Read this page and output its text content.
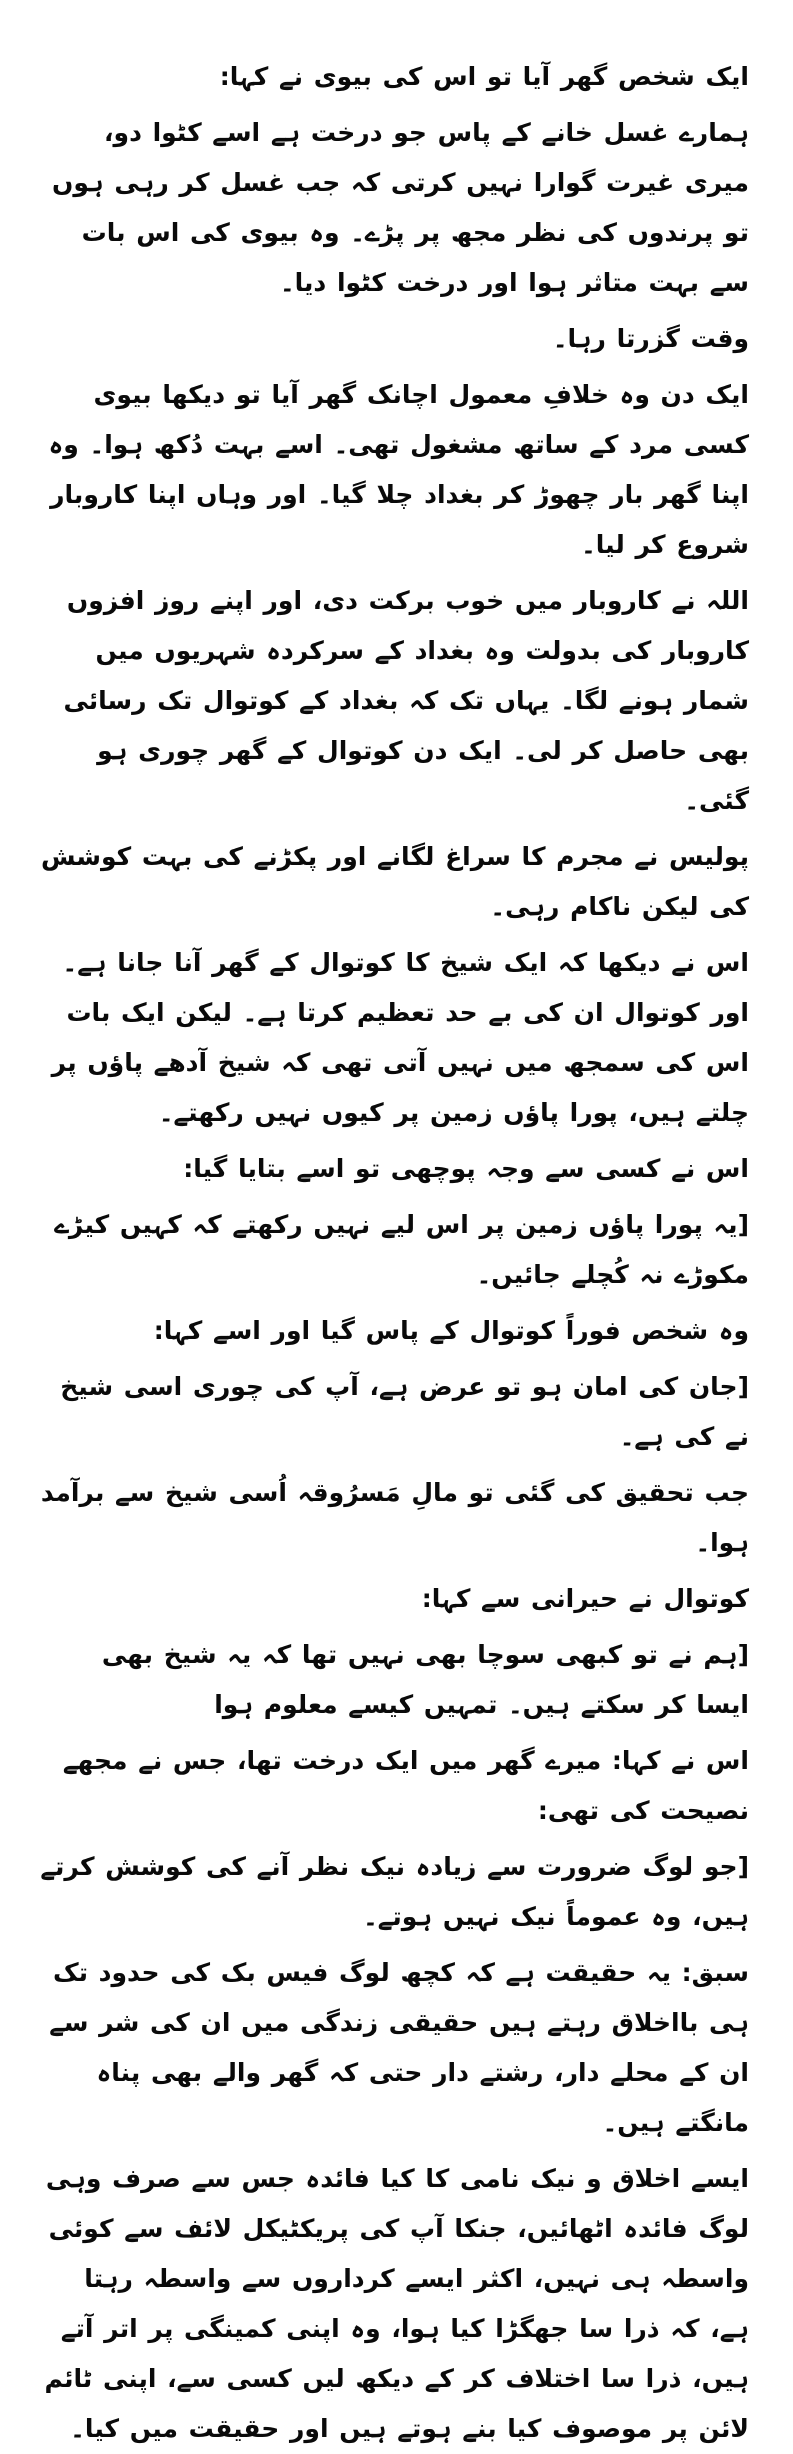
ایک شخص گھر آیا تو اس کی بیوی نے کہا:

ہمارے غسل خانے کے پاس جو درخت ہے اسے کٹوا دو، میری غیرت گوارا نہیں کرتی کہ جب غسل کر رہی ہوں تو پرندوں کی نظر مجھ پر پڑے۔ وہ بیوی کی اس بات سے بہت متاثر ہوا اور درخت کٹوا دیا۔

وقت گزرتا رہا۔

ایک دن وہ خلافِ معمول اچانک گھر آیا تو دیکھا بیوی کسی مرد کے ساتھ مشغول تھی۔ اسے بہت دُکھ ہوا۔ وہ اپنا گھر بار چھوڑ کر بغداد چلا گیا۔ اور وہاں اپنا کاروبار شروع کر لیا۔

اللہ نے کاروبار میں خوب برکت دی، اور اپنے روز افزوں کاروبار کی بدولت وہ بغداد کے سرکردہ شہریوں میں شمار ہونے لگا۔ یہاں تک کہ بغداد کے کوتوال تک رسائی بھی حاصل کر لی۔ ایک دن کوتوال کے گھر چوری ہو گئی۔

پولیس نے مجرم کا سراغ لگانے اور پکڑنے کی بہت کوشش کی لیکن ناکام رہی۔

اس نے دیکھا کہ ایک شیخ کا کوتوال کے گھر آنا جانا ہے۔ اور کوتوال ان کی بے حد تعظیم کرتا ہے۔ لیکن ایک بات اس کی سمجھ میں نہیں آتی تھی کہ شیخ آدھے پاؤں پر چلتے ہیں، پورا پاؤں زمین پر کیوں نہیں رکھتے۔

اس نے کسی سے وجہ پوچھی تو اسے بتایا گیا:

[یہ پورا پاؤں زمین پر اس لیے نہیں رکھتے کہ کہیں کیڑے مکوڑے نہ کُچلے جائیں۔

وہ شخص فوراً کوتوال کے پاس گیا اور اسے کہا:

[جان کی امان ہو تو عرض ہے، آپ کی چوری اسی شیخ نے کی ہے۔

جب تحقیق کی گئی تو مالِ مَسرُوقہ اُسی شیخ سے برآمد ہوا۔

کوتوال نے حیرانی سے کہا:

[ہم نے تو کبھی سوچا بھی نہیں تھا کہ یہ شیخ بھی ایسا کر سکتے ہیں۔ تمہیں کیسے معلوم ہوا

اس نے کہا: میرے گھر میں ایک درخت تھا، جس نے مجھے نصیحت کی تھی:

[جو لوگ ضرورت سے زیادہ نیک نظر آنے کی کوشش کرتے ہیں، وہ عموماً نیک نہیں ہوتے۔

سبق: یہ حقیقت ہے کہ کچھ لوگ فیس بک کی حدود تک ہی بااخلاق رہتے ہیں حقیقی زندگی میں ان کی شر سے ان کے محلے دار، رشتے دار حتی کہ گھر والے بھی پناہ مانگتے ہیں۔

ایسے اخلاق و نیک نامی کا کیا فائدہ جس سے صرف وہی لوگ فائدہ اٹھائیں، جنکا آپ کی پریکٹیکل لائف سے کوئی واسطہ ہی نہیں، اکثر ایسے کرداروں سے واسطہ رہتا ہے، کہ ذرا سا جھگڑا کیا ہوا، وہ اپنی کمینگی پر اتر آتے ہیں، ذرا سا اختلاف کر کے دیکھ لیں کسی سے، اپنی ٹائم لائن پر موصوف کیا بنے ہوتے ہیں اور حقیقت میں کیا۔
